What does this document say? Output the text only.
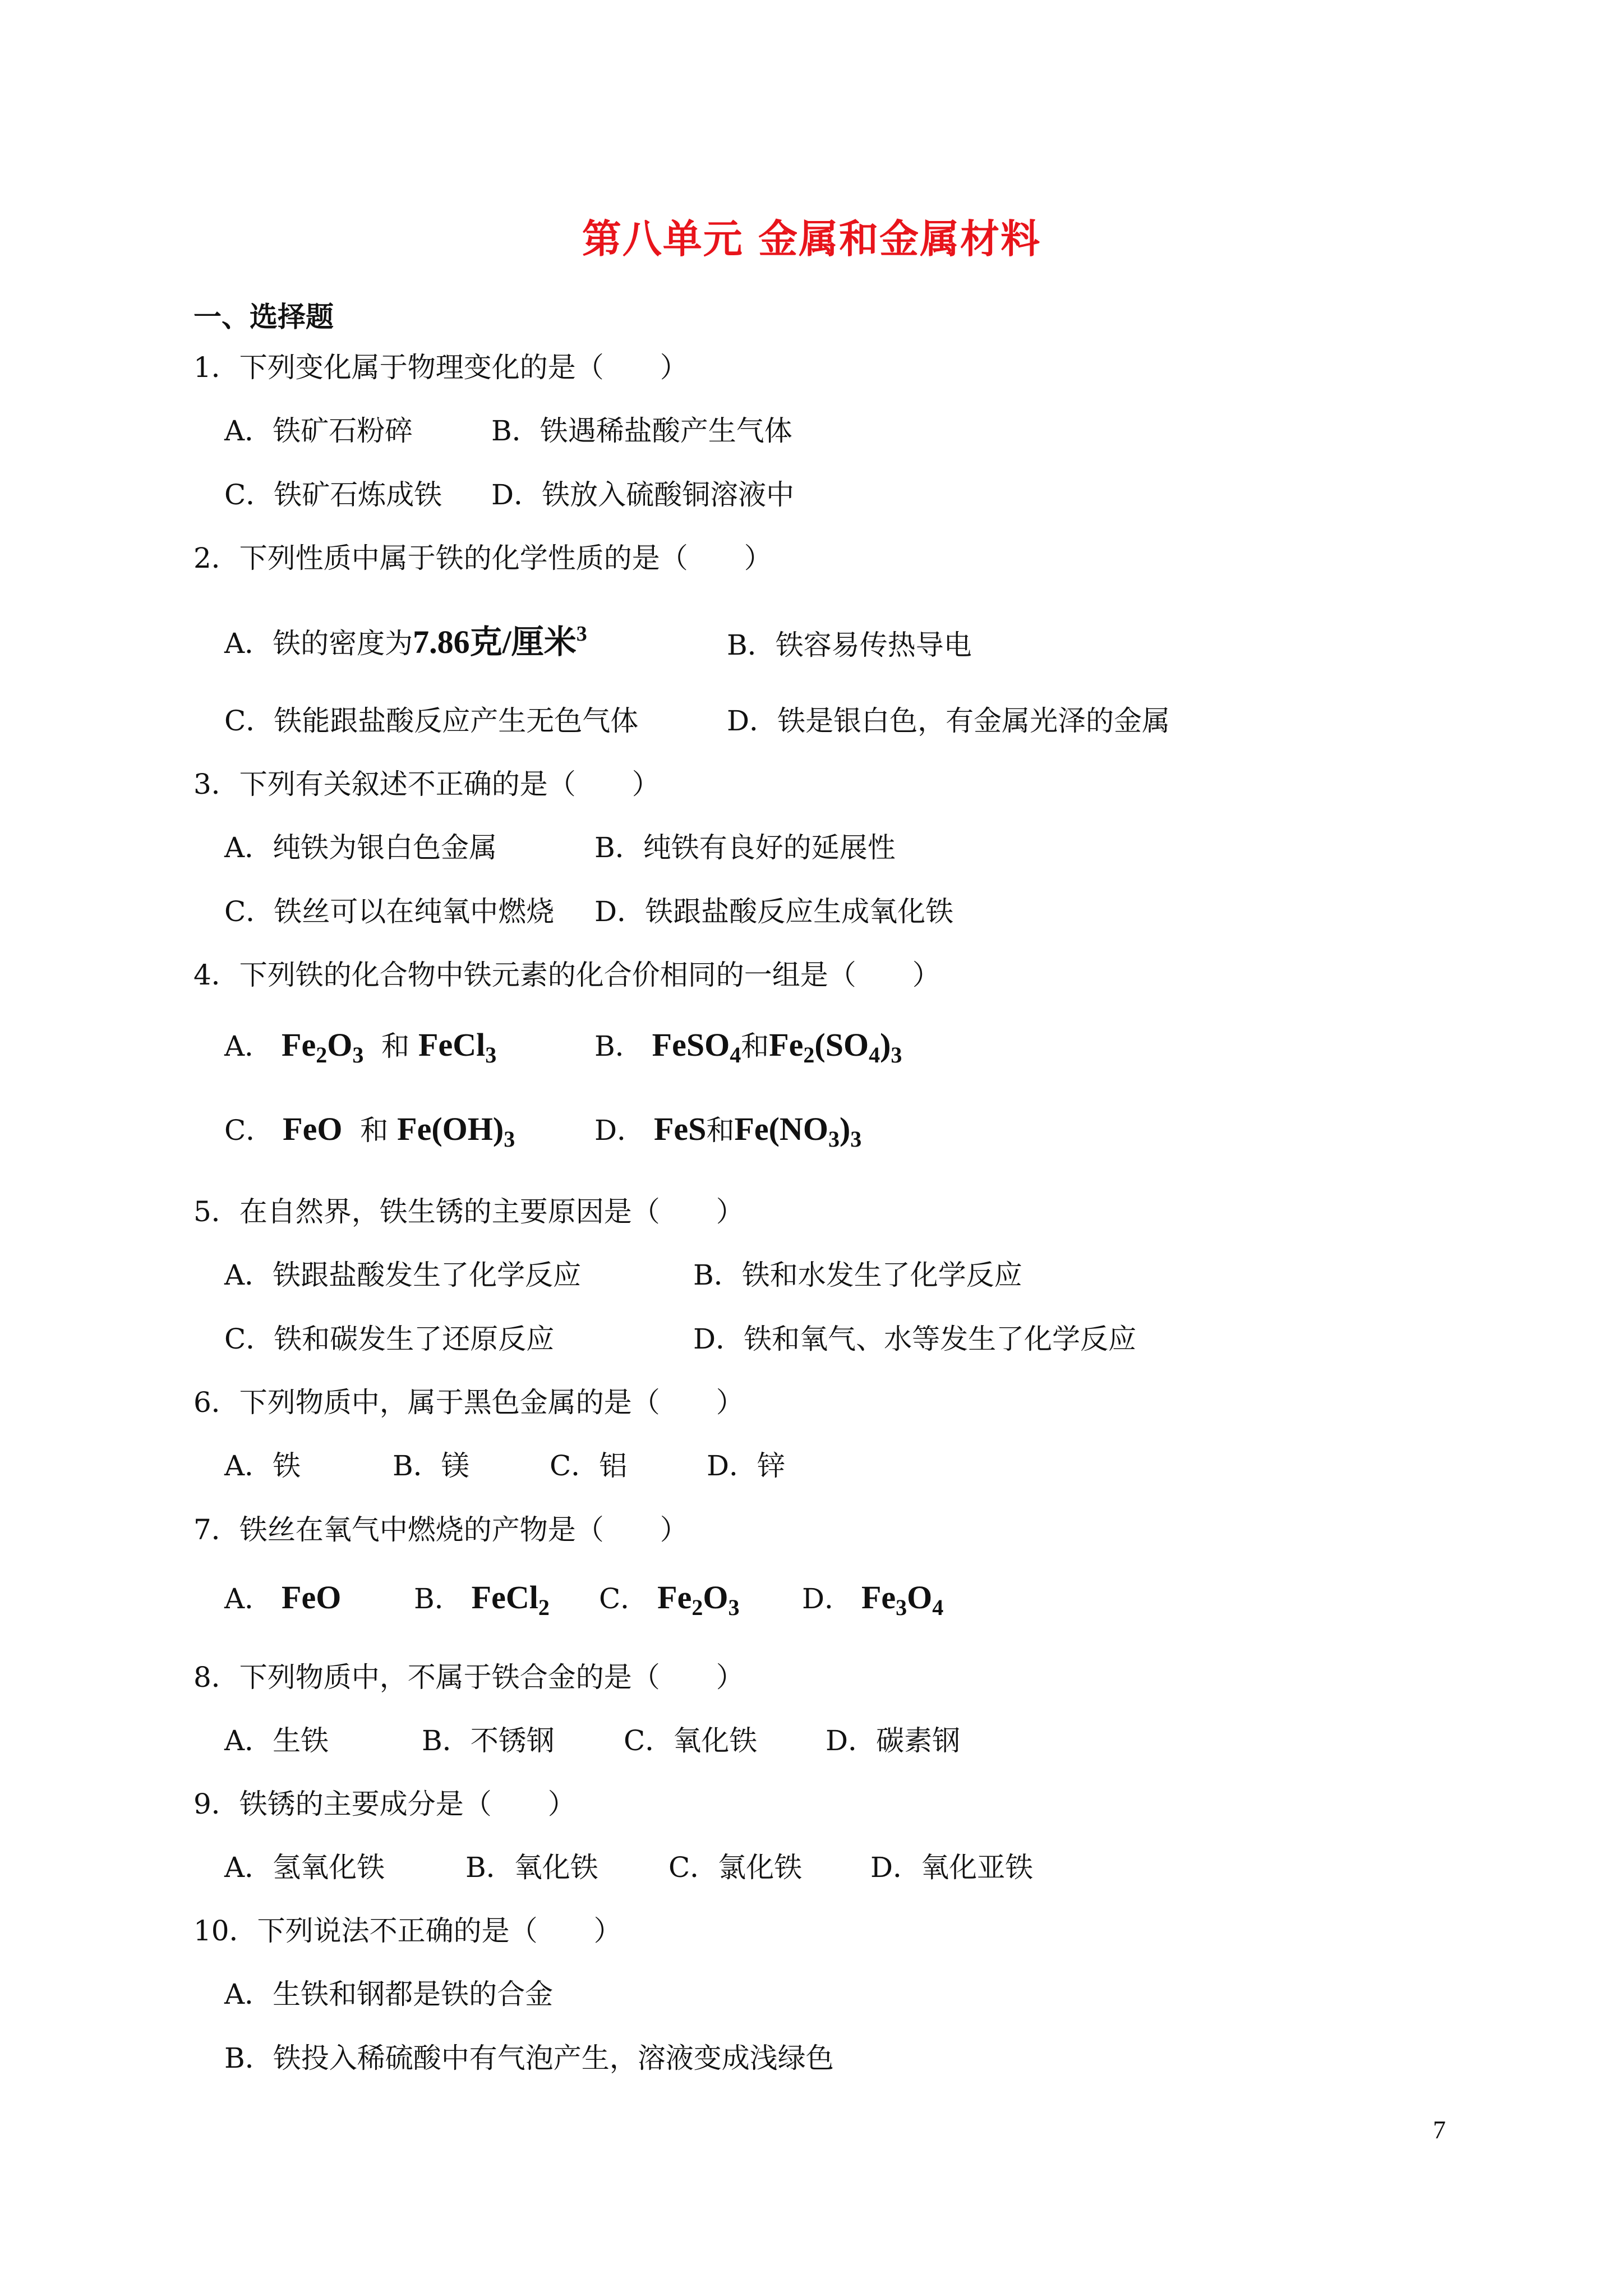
第八单元 金属和金属材料
一、选择题
1．下列变化属于物理变化的是（　　）
A．铁矿石粉碎	B．铁遇稀盐酸产生气体
C．铁矿石炼成铁 D．铁放入硫酸铜溶液中
2．下列性质中属于铁的化学性质的是（　　）
A．铁的密度为7.86克/厘米$^3$	B．铁容易传热导电
C．铁能跟盐酸反应产生无色气体	D．铁是银白色，有金属光泽的金属
3．下列有关叙述不正确的是（　　）
A．纯铁为银白色金属	B．纯铁有良好的延展性
C．铁丝可以在纯氧中燃烧 D．铁跟盐酸反应生成氧化铁
4．下列铁的化合物中铁元素的化合价相同的一组是（　　）
A． $Fe_2O_3$ 和 FeCl$_3$	B． FeSO$_4$和$Fe_2(SO_4)_3$
C． FeO 和 $Fe(OH)_3$	D． FeS和$Fe(NO_3)_3$
5．在自然界，铁生锈的主要原因是（　　）
A．铁跟盐酸发生了化学反应	B．铁和水发生了化学反应
C．铁和碳发生了还原反应	D．铁和氧气、水等发生了化学反应
6．下列物质中，属于黑色金属的是（　　）
A．铁	B．镁	C．铝	D．锌
7．铁丝在氧气中燃烧的产物是（　　）
A． FeO	B． FeCl$_2$ C． $Fe_2O_3$ D． $Fe_3O_4$
8．下列物质中，不属于铁合金的是（　　）
A．生铁	B．不锈钢 C．氧化铁 D．碳素钢
9．铁锈的主要成分是（　　）
A．氢氧化铁	B．氧化铁	C．氯化铁 D．氧化亚铁
10．下列说法不正确的是（　　）
A．生铁和钢都是铁的合金
B．铁投入稀硫酸中有气泡产生，溶液变成浅绿色
7
